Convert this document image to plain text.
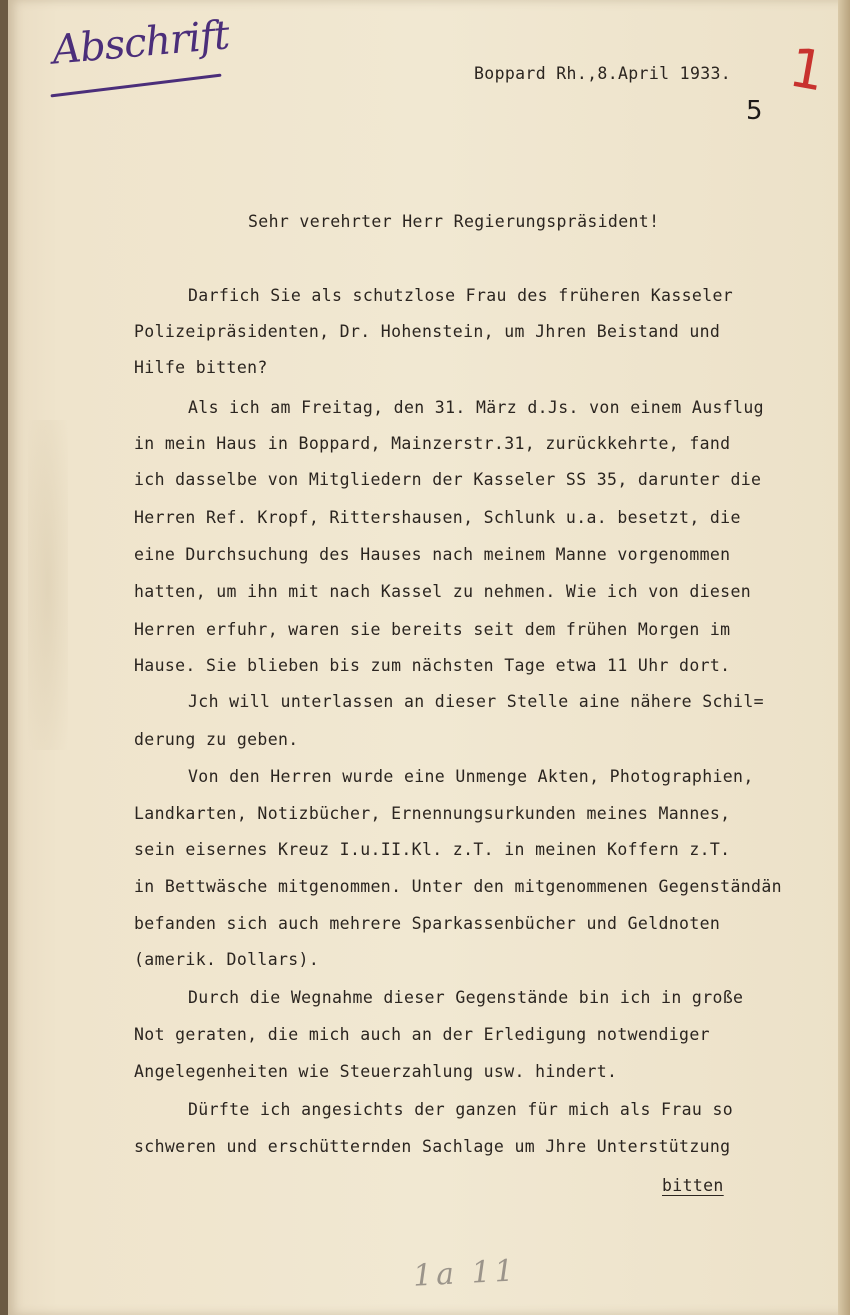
Abschrift	1
5
Boppard Rh.,8.April 1933.
Sehr verehrter Herr Regierungspräsident!
Darfich Sie als schutzlose Frau des früheren Kasseler
Polizeipräsidenten, Dr. Hohenstein, um Jhren Beistand und
Hilfe bitten?
Als ich am Freitag, den 31. März d.Js. von einem Ausflug
in mein Haus in Boppard, Mainzerstr.31, zurückkehrte, fand
ich dasselbe von Mitgliedern der Kasseler SS 35, darunter die
Herren Ref. Kropf, Rittershausen, Schlunk u.a. besetzt, die
eine Durchsuchung des Hauses nach meinem Manne vorgenommen
hatten, um ihn mit nach Kassel zu nehmen. Wie ich von diesen
Herren erfuhr, waren sie bereits seit dem frühen Morgen im
Hause. Sie blieben bis zum nächsten Tage etwa 11 Uhr dort.
Jch will unterlassen an dieser Stelle aine nähere Schil=
derung zu geben.
Von den Herren wurde eine Unmenge Akten, Photographien,
Landkarten, Notizbücher, Ernennungsurkunden meines Mannes,
sein eisernes Kreuz I.u.II.Kl. z.T. in meinen Koffern z.T.
in Bettwäsche mitgenommen. Unter den mitgenommenen Gegenständän
befanden sich auch mehrere Sparkassenbücher und Geldnoten
(amerik. Dollars).
Durch die Wegnahme dieser Gegenstände bin ich in große
Not geraten, die mich auch an der Erledigung notwendiger
Angelegenheiten wie Steuerzahlung usw. hindert.
Dürfte ich angesichts der ganzen für mich als Frau so
schweren und erschütternden Sachlage um Jhre Unterstützung
bitten
1a 11
